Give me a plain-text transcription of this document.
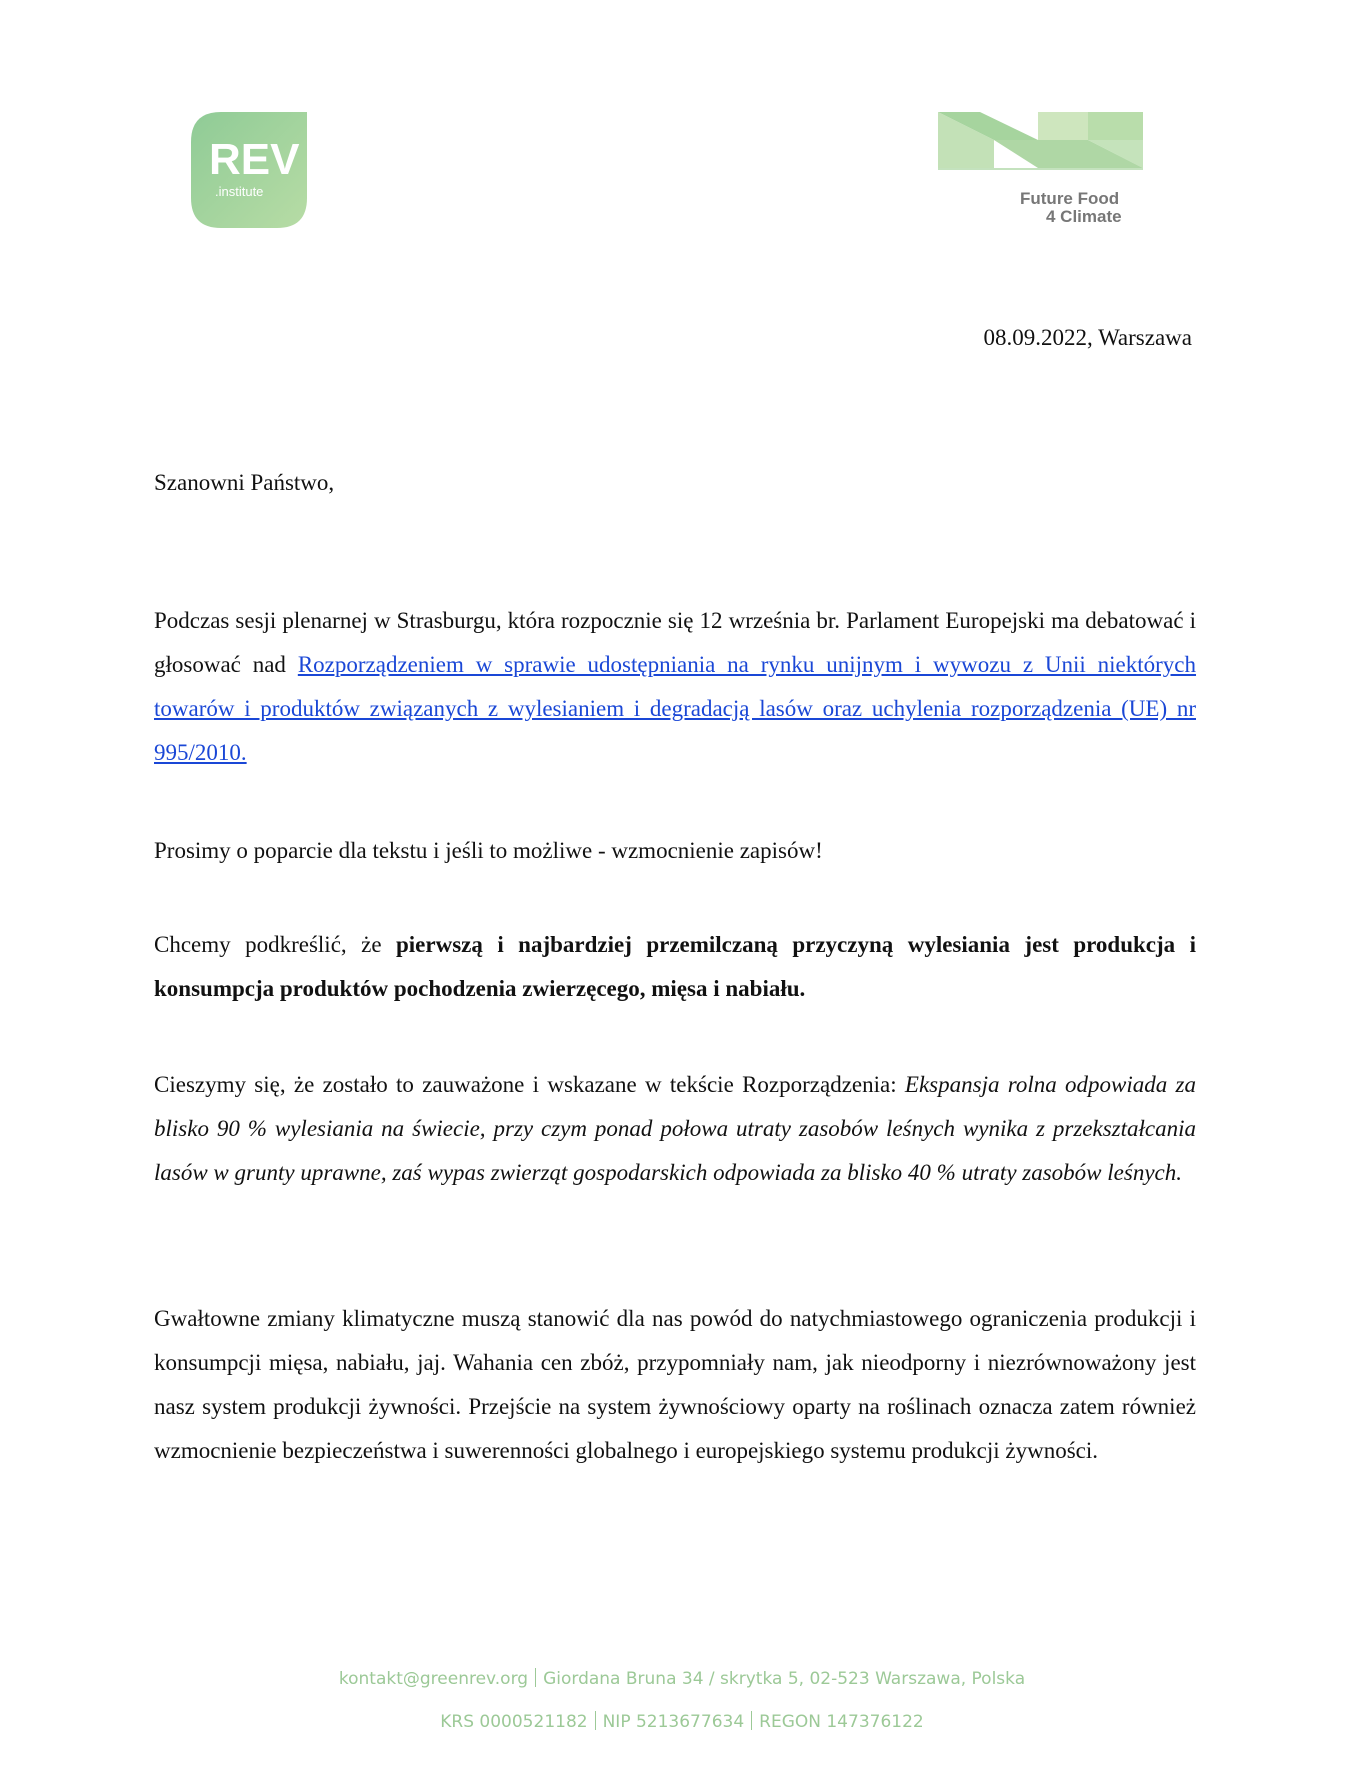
REV
.institute	Future Food
4 Climate
08.09.2022, Warszawa
Szanowni Państwo,
Podczas sesji plenarnej w Strasburgu, która rozpocznie się 12 września br. Parlament Europejski ma debatować i głosować nad Rozporządzeniem w sprawie udostępniania na rynku unijnym i wywozu z Unii niektórych towarów i produktów związanych z wylesianiem i degradacją lasów oraz uchylenia rozporządzenia (UE) nr 995/2010.
Prosimy o poparcie dla tekstu i jeśli to możliwe - wzmocnienie zapisów!
Chcemy podkreślić, że pierwszą i najbardziej przemilczaną przyczyną wylesiania jest produkcja i konsumpcja produktów pochodzenia zwierzęcego, mięsa i nabiału.
Cieszymy się, że zostało to zauważone i wskazane w tekście Rozporządzenia: Ekspansja rolna odpowiada za blisko 90 % wylesiania na świecie, przy czym ponad połowa utraty zasobów leśnych wynika z przekształcania lasów w grunty uprawne, zaś wypas zwierząt gospodarskich odpowiada za blisko 40 % utraty zasobów leśnych.
Gwałtowne zmiany klimatyczne muszą stanowić dla nas powód do natychmiastowego ograniczenia produkcji i konsumpcji mięsa, nabiału, jaj. Wahania cen zbóż, przypomniały nam, jak nieodporny i niezrównoważony jest nasz system produkcji żywności. Przejście na system żywnościowy oparty na roślinach oznacza zatem również wzmocnienie bezpieczeństwa i suwerenności globalnego i europejskiego systemu produkcji żywności.
kontakt@greenrev.org Giordana Bruna 34 / skrytka 5, 02-523 Warszawa, Polska
KRS 0000521182 NIP 5213677634 REGON 147376122
